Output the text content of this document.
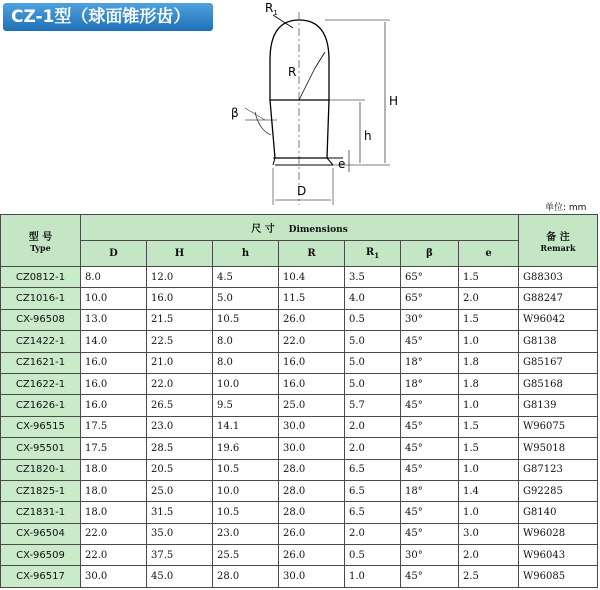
CZ-1型（球面锥形齿）	$R_1$
R
β
H
h
e
D
单位: mm
型 号
Type	尺 寸 Dimensions							备 注
Remark

	D	H	h	R	$R_1$	β	e	
CZ0812-1	8.0	12.0	4.5	10.4	3.5	65°	1.5	G88303
CZ1016-1	10.0	16.0	5.0	11.5	4.0	65°	2.0	G88247
CX-96508	13.0	21.5	10.5	26.0	0.5	30°	1.5	W96042
CZ1422-1	14.0	22.5	8.0	22.0	5.0	45°	1.0	G8138
CZ1621-1	16.0	21.0	8.0	16.0	5.0	18°	1.8	G85167
CZ1622-1	16.0	22.0	10.0	16.0	5.0	18°	1.8	G85168
CZ1626-1	16.0	26.5	9.5	25.0	5.7	45°	1.0	G8139
CX-96515	17.5	23.0	14.1	30.0	2.0	45°	1.5	W96075
CX-95501	17.5	28.5	19.6	30.0	2.0	45°	1.5	W95018
CZ1820-1	18.0	20.5	10.5	28.0	6.5	45°	1.0	G87123
CZ1825-1	18.0	25.0	10.0	28.0	6.5	18°	1.4	G92285
CZ1831-1	18.0	31.5	10.5	28.0	6.5	45°	1.0	G8140
CX-96504	22.0	35.0	23.0	26.0	2.0	45°	3.0	W96028
CX-96509	22.0	37.5	25.5	26.0	0.5	30°	2.0	W96043
CX-96517	30.0	45.0	28.0	30.0	1.0	45°	2.5	W96085
